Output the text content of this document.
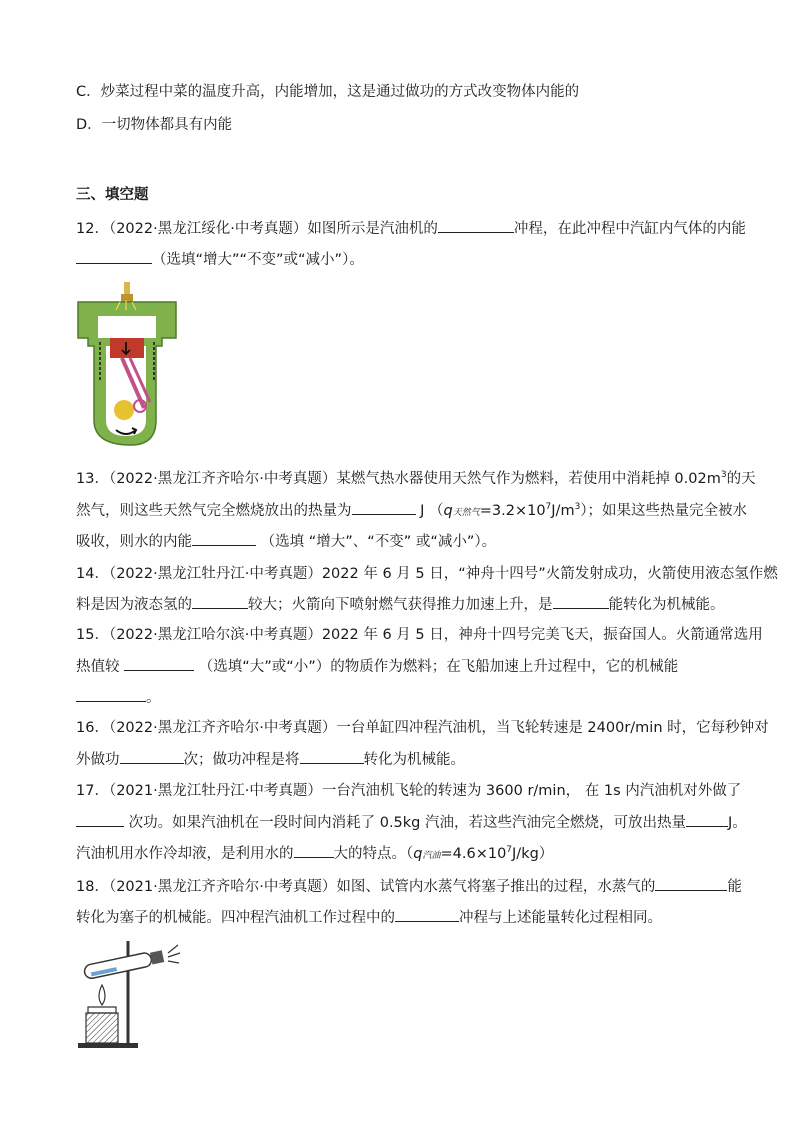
C．炒菜过程中菜的温度升高，内能增加，这是通过做功的方式改变物体内能的
D．一切物体都具有内能
三、填空题
12．（2022·黑龙江绥化·中考真题）如图所示是汽油机的	冲程，在此冲程中汽缸内气体的内能
（选填“增大”“不变”或“减小”）。
13．（2022·黑龙江齐齐哈尔·中考真题）某燃气热水器使用天然气作为燃料，若使用中消耗掉 $0.02m^3$的天
然气，则这些天然气完全燃烧放出的热量为	J （q天然气$=3.2\times 10^7J/m^3$）；如果这些热量完全被水
吸收，则水的内能	（选填 “增大”、“不变” 或“减小”）。
14．（2022·黑龙江牡丹江·中考真题）2022 年 6 月 5 日，“神舟十四号”火箭发射成功，火箭使用液态氢作燃
料是因为液态氢的	较大；火箭向下喷射燃气获得推力加速上升，是	能转化为机械能。
15．（2022·黑龙江哈尔滨·中考真题）2022 年 6 月 5 日，神舟十四号完美飞天，振奋国人。火箭通常选用
热值较	（选填“大”或“小”）的物质作为燃料；在飞船加速上升过程中，它的机械能
。
16．（2022·黑龙江齐齐哈尔·中考真题）一台单缸四冲程汽油机，当飞轮转速是 2400r/min 时，它每秒钟对
外做功	次；做功冲程是将	转化为机械能。
17．（2021·黑龙江牡丹江·中考真题）一台汽油机飞轮的转速为 3600 r/min， 在 1s 内汽油机对外做了
次功。如果汽油机在一段时间内消耗了 0.5kg 汽油，若这些汽油完全燃烧，可放出热量	J。
汽油机用水作冷却液，是利用水的	大的特点。（q汽油$=4.6\times 10^7J/kg$）
18．（2021·黑龙江齐齐哈尔·中考真题）如图、试管内水蒸气将塞子推出的过程，水蒸气的	能
转化为塞子的机械能。四冲程汽油机工作过程中的	冲程与上述能量转化过程相同。
